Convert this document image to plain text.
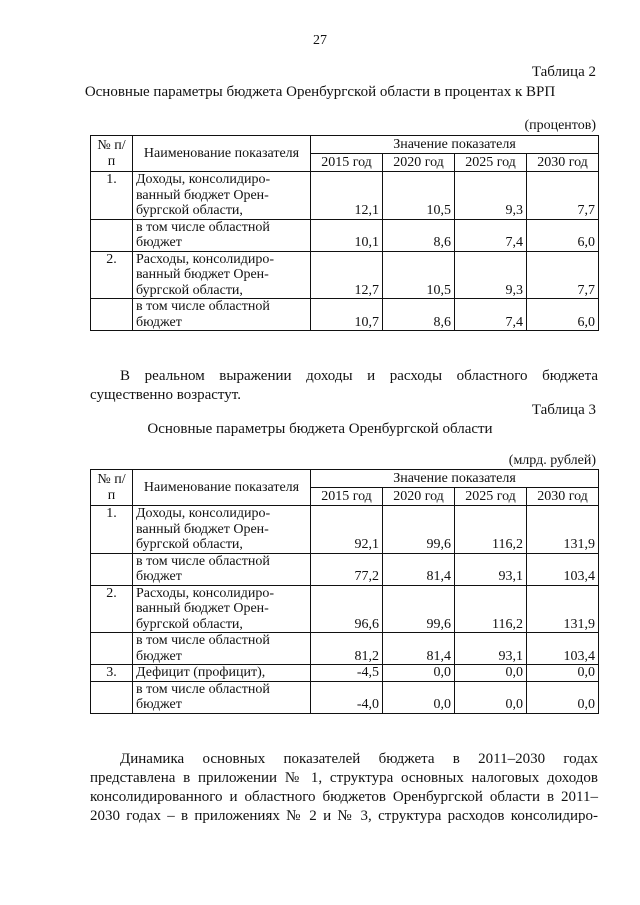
27
Таблица 2
Основные параметры бюджета Оренбургской области в процентах к ВРП
(процентов)
№ п/п	Наименование показателя	Значение показателя			
		2015 год	2020 год	2025 год	2030 год
1.	Доходы, консолидиро-ванный бюджет Орен-бургской области,	12,1	10,5	9,3	7,7
	в том числе областной бюджет	10,1	8,6	7,4	6,0
2.	Расходы, консолидиро-ванный бюджет Орен-бургской области,	12,7	10,5	9,3	7,7
	в том числе областной бюджет	10,7	8,6	7,4	6,0
В реальном выражении доходы и расходы областного бюджета существенно возрастут.
Таблица 3
Основные параметры бюджета Оренбургской области
(млрд. рублей)
№ п/п	Наименование показателя	Значение показателя			
		2015 год	2020 год	2025 год	2030 год
1.	Доходы, консолидиро-ванный бюджет Орен-бургской области,	92,1	99,6	116,2	131,9
	в том числе областной бюджет	77,2	81,4	93,1	103,4
2.	Расходы, консолидиро-ванный бюджет Орен-бургской области,	96,6	99,6	116,2	131,9
	в том числе областной бюджет	81,2	81,4	93,1	103,4
3.	Дефицит (профицит),	-4,5	0,0	0,0	0,0
	в том числе областной бюджет	-4,0	0,0	0,0	0,0
Динамика основных показателей бюджета в 2011–2030 годах представлена в приложении № 1, структура основных налоговых доходов консолидированного и областного бюджетов Оренбургской области в 2011–2030 годах – в приложениях № 2 и № 3, структура расходов консолидиро-
